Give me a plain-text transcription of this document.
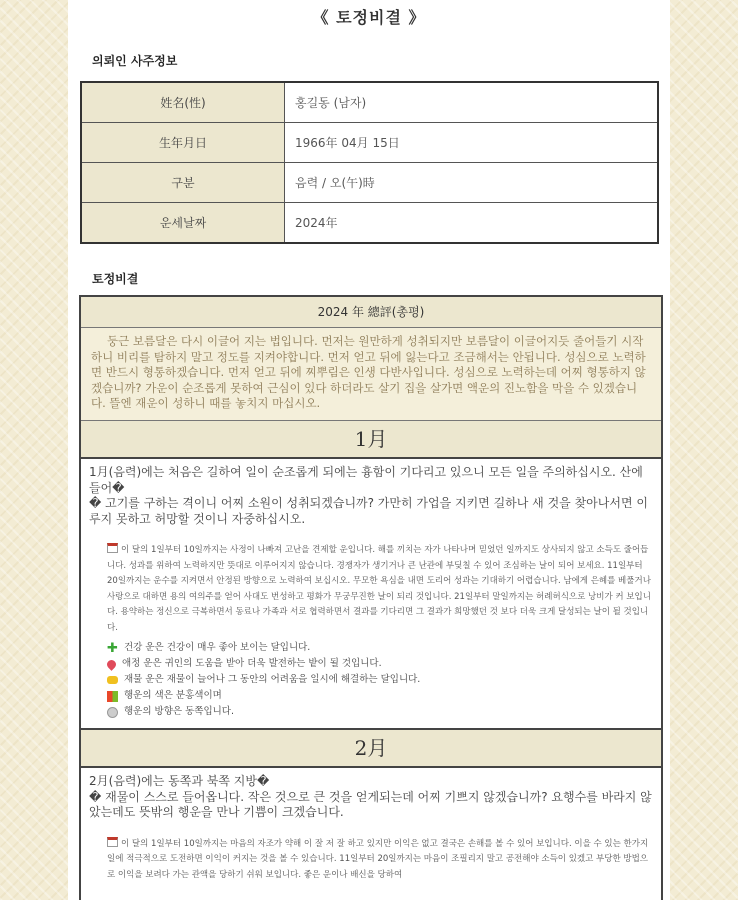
《 토정비결 》
의뢰인 사주정보
姓名(性)	홍길동 (남자)
生年月日	1966年 04月 15日
구분	음력 / 오(午)時
운세날짜	2024年
토정비결
2024 年 總評(총평)
둥근 보름달은 다시 이글어 지는 법입니다. 먼저는 원만하게 성취되지만 보름달이 이글어지듯 줄어들기 시작하니 비리를 탐하지 말고 정도를 지켜야합니다. 먼저 얻고 뒤에 잃는다고 조금해서는 안됩니다. 성심으로 노력하면 반드시 형통하겠습니다. 먼저 얻고 뒤에 찌뿌림은 인생 다반사입니다. 성심으로 노력하는데 어찌 형통하지 않겠습니까? 가운이 순조롭게 못하여 근심이 있다 하더라도 살기 집을 살가면 액운의 진노함을 막을 수 있겠습니다. 뜰엔 재운이 성하니 때를 놓치지 마십시오.
1月
1月(음력)에는 처음은 길하여 일이 순조롭게 되에는 흉함이 기다리고 있으니 모든 일을 주의하십시오. 산에 들어�
� 고기를 구하는 격이니 어찌 소원이 성취되겠습니까? 가만히 가업을 지키면 길하나 새 것을 찾아나서면 이루지 못하고 허망할 것이니 자중하십시오.
이 달의 1일부터 10일까지는 사정이 나빠져 고난을 견제할 운입니다. 해를 끼치는 자가 나타나며 믿었던 일까지도 상사되지 않고 소득도 줄어듭니다. 성과를 위하여 노력하지만 뜻대로 이루어지지 않습니다. 경쟁자가 생기거나 큰 난관에 부딪칠 수 있어 조심하는 날이 되어 보세요. 11일부터 20일까지는 운수를 지켜면서 안정된 방향으로 노력하여 보십시오. 무모한 욕심을 내면 도리어 성과는 기대하기 어렵습니다. 남에게 은혜를 베풀거나 사랑으로 대하면 용의 여의주를 얻어 사대도 번성하고 평화가 무궁무진한 날이 되리 것입니다. 21일부터 말일까지는 허례허식으로 낭비가 커 보입니다. 용약하는 정신으로 극복하면서 동료나 가족과 서로 협력하면서 결과를 기다리면 그 결과가 희망했던 것 보다 더욱 크게 달성되는 날이 될 것입니다.
✚ 건강 운은 건강이 매우 좋아 보이는 달입니다.
애정 운은 귀인의 도움을 받아 더욱 발전하는 밭이 될 것입니다.
재물 운은 재물이 늘어나 그 동안의 어려움을 일시에 해결하는 달입니다.
행운의 색은 분홍색이며
행운의 방향은 동쪽입니다.
2月
2月(음력)에는 동쪽과 북쪽 지방�
� 재물이 스스로 들어옵니다. 작은 것으로 큰 것을 얻게되는데 어찌 기쁘지 않겠습니까? 요행수를 바라지 않았는데도 뜻밖의 행운을 만나 기쁨이 크겠습니다.
이 달의 1일부터 10일까지는 마음의 자조가 약해 이 잘 저 잘 하고 있지만 이익은 없고 결국은 손해를 볼 수 있어 보입니다. 이을 수 있는 한가지 일에 적극적으로 도전하면 이익이 커지는 것을 볼 수 있습니다. 11일부터 20일까지는 마음이 조필리지 말고 공전해야 소득이 있겠고 부당한 방법으로 이익을 보려다 가는 관액을 당하기 쉬워 보입니다. 좋은 운이나 배신을 당하여
